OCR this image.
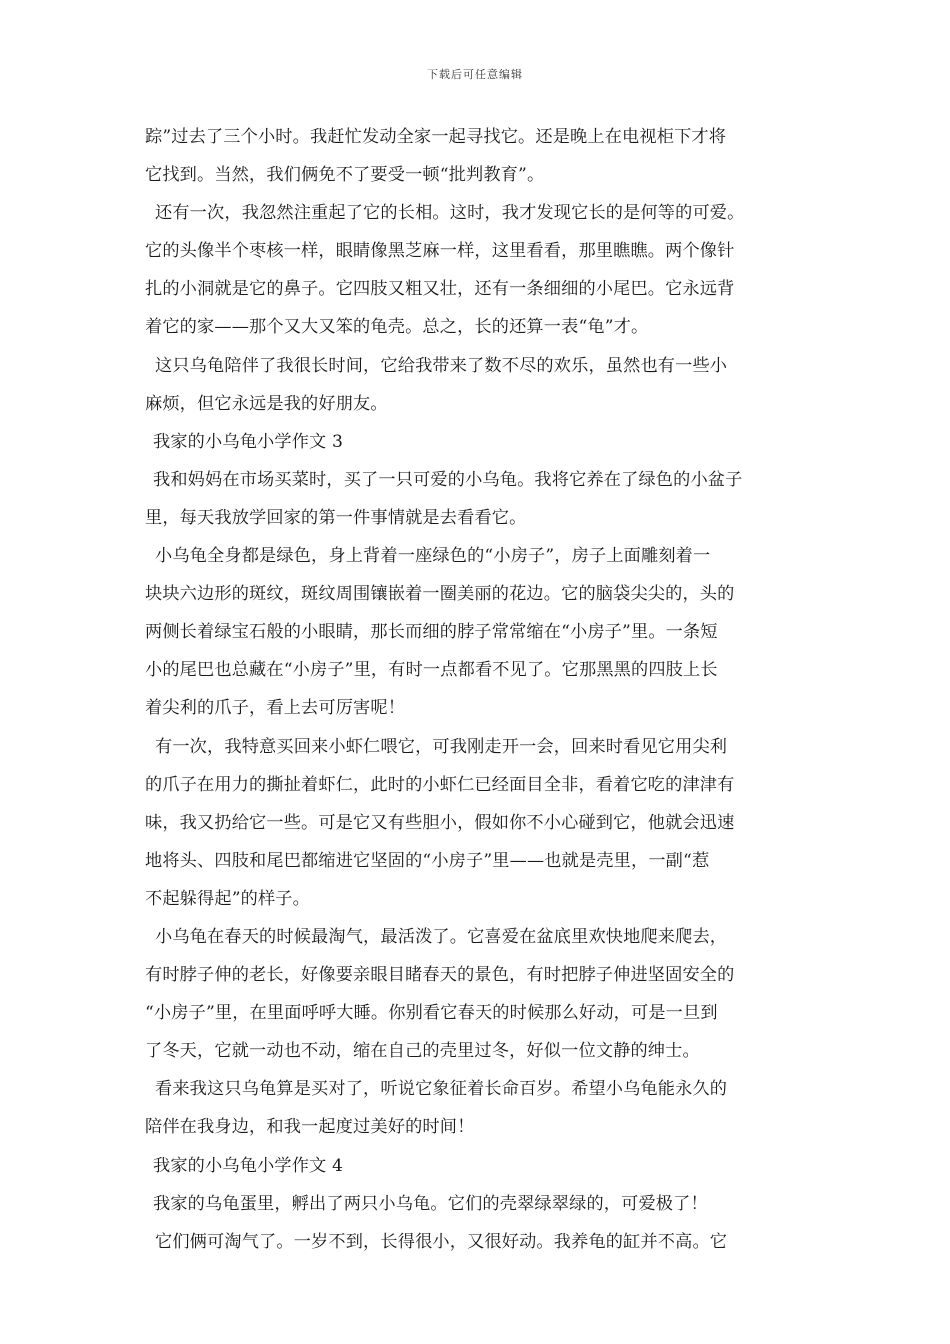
下载后可任意编辑
踪”过去了三个小时。我赶忙发动全家一起寻找它。还是晚上在电视柜下才将
它找到。当然，我们俩免不了要受一顿“批判教育”。
还有一次，我忽然注重起了它的长相。这时，我才发现它长的是何等的可爱。
它的头像半个枣核一样，眼睛像黑芝麻一样，这里看看，那里瞧瞧。两个像针
扎的小洞就是它的鼻子。它四肢又粗又壮，还有一条细细的小尾巴。它永远背
着它的家——那个又大又笨的龟壳。总之，长的还算一表“龟”才。
这只乌龟陪伴了我很长时间，它给我带来了数不尽的欢乐，虽然也有一些小
麻烦，但它永远是我的好朋友。
我家的小乌龟小学作文 3
我和妈妈在市场买菜时，买了一只可爱的小乌龟。我将它养在了绿色的小盆子
里，每天我放学回家的第一件事情就是去看看它。
小乌龟全身都是绿色，身上背着一座绿色的“小房子”，房子上面雕刻着一
块块六边形的斑纹，斑纹周围镶嵌着一圈美丽的花边。它的脑袋尖尖的，头的
两侧长着绿宝石般的小眼睛，那长而细的脖子常常缩在“小房子”里。一条短
小的尾巴也总藏在“小房子”里，有时一点都看不见了。它那黑黑的四肢上长
着尖利的爪子，看上去可厉害呢！
有一次，我特意买回来小虾仁喂它，可我刚走开一会，回来时看见它用尖利
的爪子在用力的撕扯着虾仁，此时的小虾仁已经面目全非，看着它吃的津津有
味，我又扔给它一些。可是它又有些胆小，假如你不小心碰到它，他就会迅速
地将头、四肢和尾巴都缩进它坚固的“小房子”里——也就是壳里，一副“惹
不起躲得起”的样子。
小乌龟在春天的时候最淘气，最活泼了。它喜爱在盆底里欢快地爬来爬去，
有时脖子伸的老长，好像要亲眼目睹春天的景色，有时把脖子伸进坚固安全的
“小房子”里，在里面呼呼大睡。你别看它春天的时候那么好动，可是一旦到
了冬天，它就一动也不动，缩在自己的壳里过冬，好似一位文静的绅士。
看来我这只乌龟算是买对了，听说它象征着长命百岁。希望小乌龟能永久的
陪伴在我身边，和我一起度过美好的时间！
我家的小乌龟小学作文 4
我家的乌龟蛋里，孵出了两只小乌龟。它们的壳翠绿翠绿的，可爱极了！
它们俩可淘气了。一岁不到，长得很小，又很好动。我养龟的缸并不高。它
